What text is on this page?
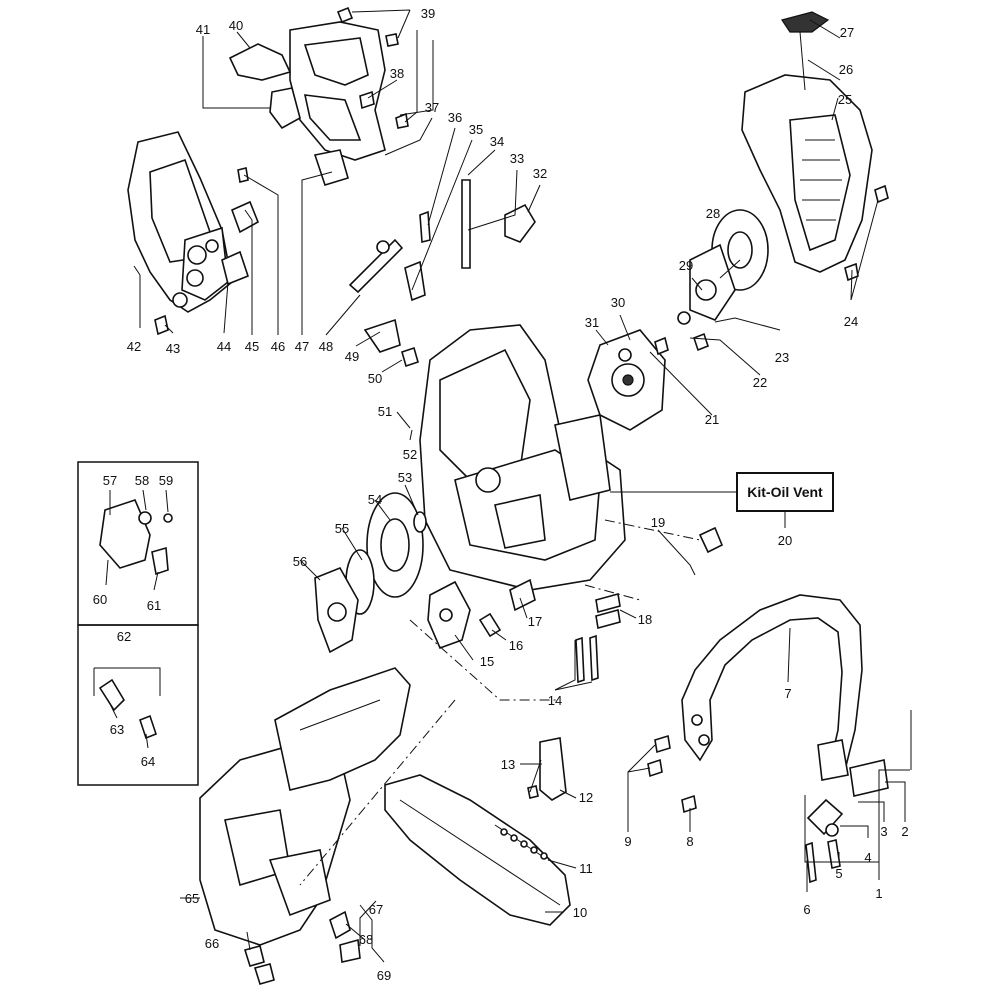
Kit-Oil Vent
1
2
3
4
5
6
7
8
9
10
11
12
13
14
15
16
17	18
19
20
21
22
23
24
25
26
27
28
29
30
31
32
33
34
35
36
37
38
39
40
41
42 43	44 45 46 47 48
49
50
51
52
53
54
55
56
57 58 59
60	61
62
63
64
65
66
67
68
69
